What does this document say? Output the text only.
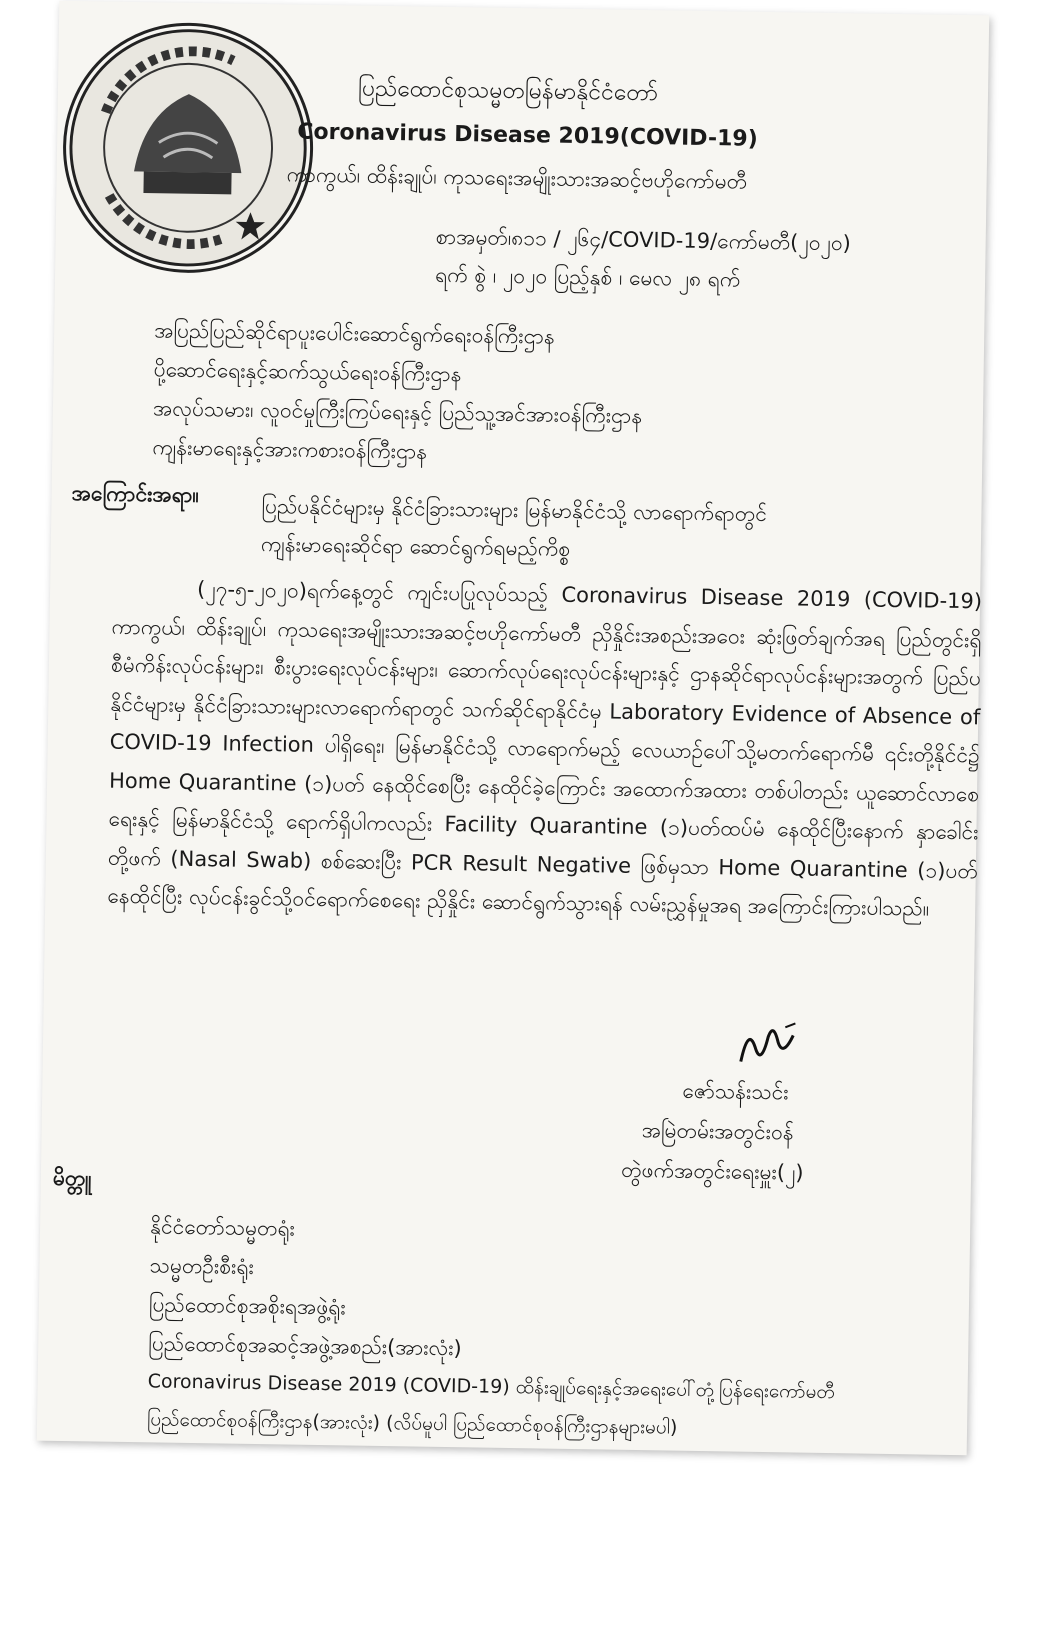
ပြည်ထောင်စုသမ္မတမြန်မာနိုင်ငံတော်
Coronavirus Disease 2019(COVID-19)
ကာကွယ်၊ ထိန်းချုပ်၊ ကုသရေးအမျိုးသားအဆင့်ဗဟိုကော်မတီ
စာအမှတ်၊၈၁၁ / ၂၆၄/COVID-19/ကော်မတီ(၂၀၂၀)
ရက် စွဲ ၊ ၂၀၂၀ ပြည့်နှစ် ၊ မေလ ၂၈ ရက်
အပြည်ပြည်ဆိုင်ရာပူးပေါင်းဆောင်ရွက်ရေးဝန်ကြီးဌာန
ပို့ဆောင်ရေးနှင့်ဆက်သွယ်ရေးဝန်ကြီးဌာန
အလုပ်သမား၊ လူဝင်မှုကြီးကြပ်ရေးနှင့် ပြည်သူ့အင်အားဝန်ကြီးဌာန
ကျန်းမာရေးနှင့်အားကစားဝန်ကြီးဌာန
အကြောင်းအရာ။	ပြည်ပနိုင်ငံများမှ နိုင်ငံခြားသားများ မြန်မာနိုင်ငံသို့ လာရောက်ရာတွင်
ကျန်းမာရေးဆိုင်ရာ ဆောင်ရွက်ရမည့်ကိစ္စ
(၂၇-၅-၂၀၂၀)ရက်နေ့တွင် ကျင်းပပြုလုပ်သည့် Coronavirus Disease 2019 (COVID-19) ကာကွယ်၊ ထိန်းချုပ်၊ ကုသရေးအမျိုးသားအဆင့်ဗဟိုကော်မတီ ညှိနှိုင်းအစည်းအဝေး ဆုံးဖြတ်ချက်အရ ပြည်တွင်းရှိ စီမံကိန်းလုပ်ငန်းများ၊ စီးပွားရေးလုပ်ငန်းများ၊ ဆောက်လုပ်ရေးလုပ်ငန်းများနှင့် ဌာနဆိုင်ရာလုပ်ငန်းများအတွက် ပြည်ပနိုင်ငံများမှ နိုင်ငံခြားသားများလာရောက်ရာတွင် သက်ဆိုင်ရာနိုင်ငံမှ Laboratory Evidence of Absence of COVID-19 Infection ပါရှိရေး၊ မြန်မာနိုင်ငံသို့ လာရောက်မည့် လေယာဉ်ပေါ်သို့မတက်ရောက်မီ ၎င်းတို့နိုင်ငံ၌ Home Quarantine (၁)ပတ် နေထိုင်စေပြီး နေထိုင်ခဲ့ကြောင်း အထောက်အထား တစ်ပါတည်း ယူဆောင်လာစေရေးနှင့် မြန်မာနိုင်ငံသို့ ရောက်ရှိပါကလည်း Facility Quarantine (၁)ပတ်ထပ်မံ နေထိုင်ပြီးနောက် နှာခေါင်းတို့ဖက် (Nasal Swab) စစ်ဆေးပြီး PCR Result Negative ဖြစ်မှသာ Home Quarantine (၁)ပတ်နေထိုင်ပြီး လုပ်ငန်းခွင်သို့ဝင်ရောက်စေရေး ညှိနှိုင်း ဆောင်ရွက်သွားရန် လမ်းညွှန်မှုအရ အကြောင်းကြားပါသည်။
ဇော်သန်းသင်း
အမြဲတမ်းအတွင်းဝန်
တွဲဖက်အတွင်းရေးမှူး(၂)
မိတ္တူ
နိုင်ငံတော်သမ္မတရုံး
သမ္မတဦးစီးရုံး
ပြည်ထောင်စုအစိုးရအဖွဲ့ရုံး
ပြည်ထောင်စုအဆင့်အဖွဲ့အစည်း(အားလုံး)
Coronavirus Disease 2019 (COVID-19) ထိန်းချုပ်ရေးနှင့်အရေးပေါ်တုံ့ပြန်ရေးကော်မတီ
ပြည်ထောင်စုဝန်ကြီးဌာန(အားလုံး) (လိပ်မူပါ ပြည်ထောင်စုဝန်ကြီးဌာနများမပါ)
